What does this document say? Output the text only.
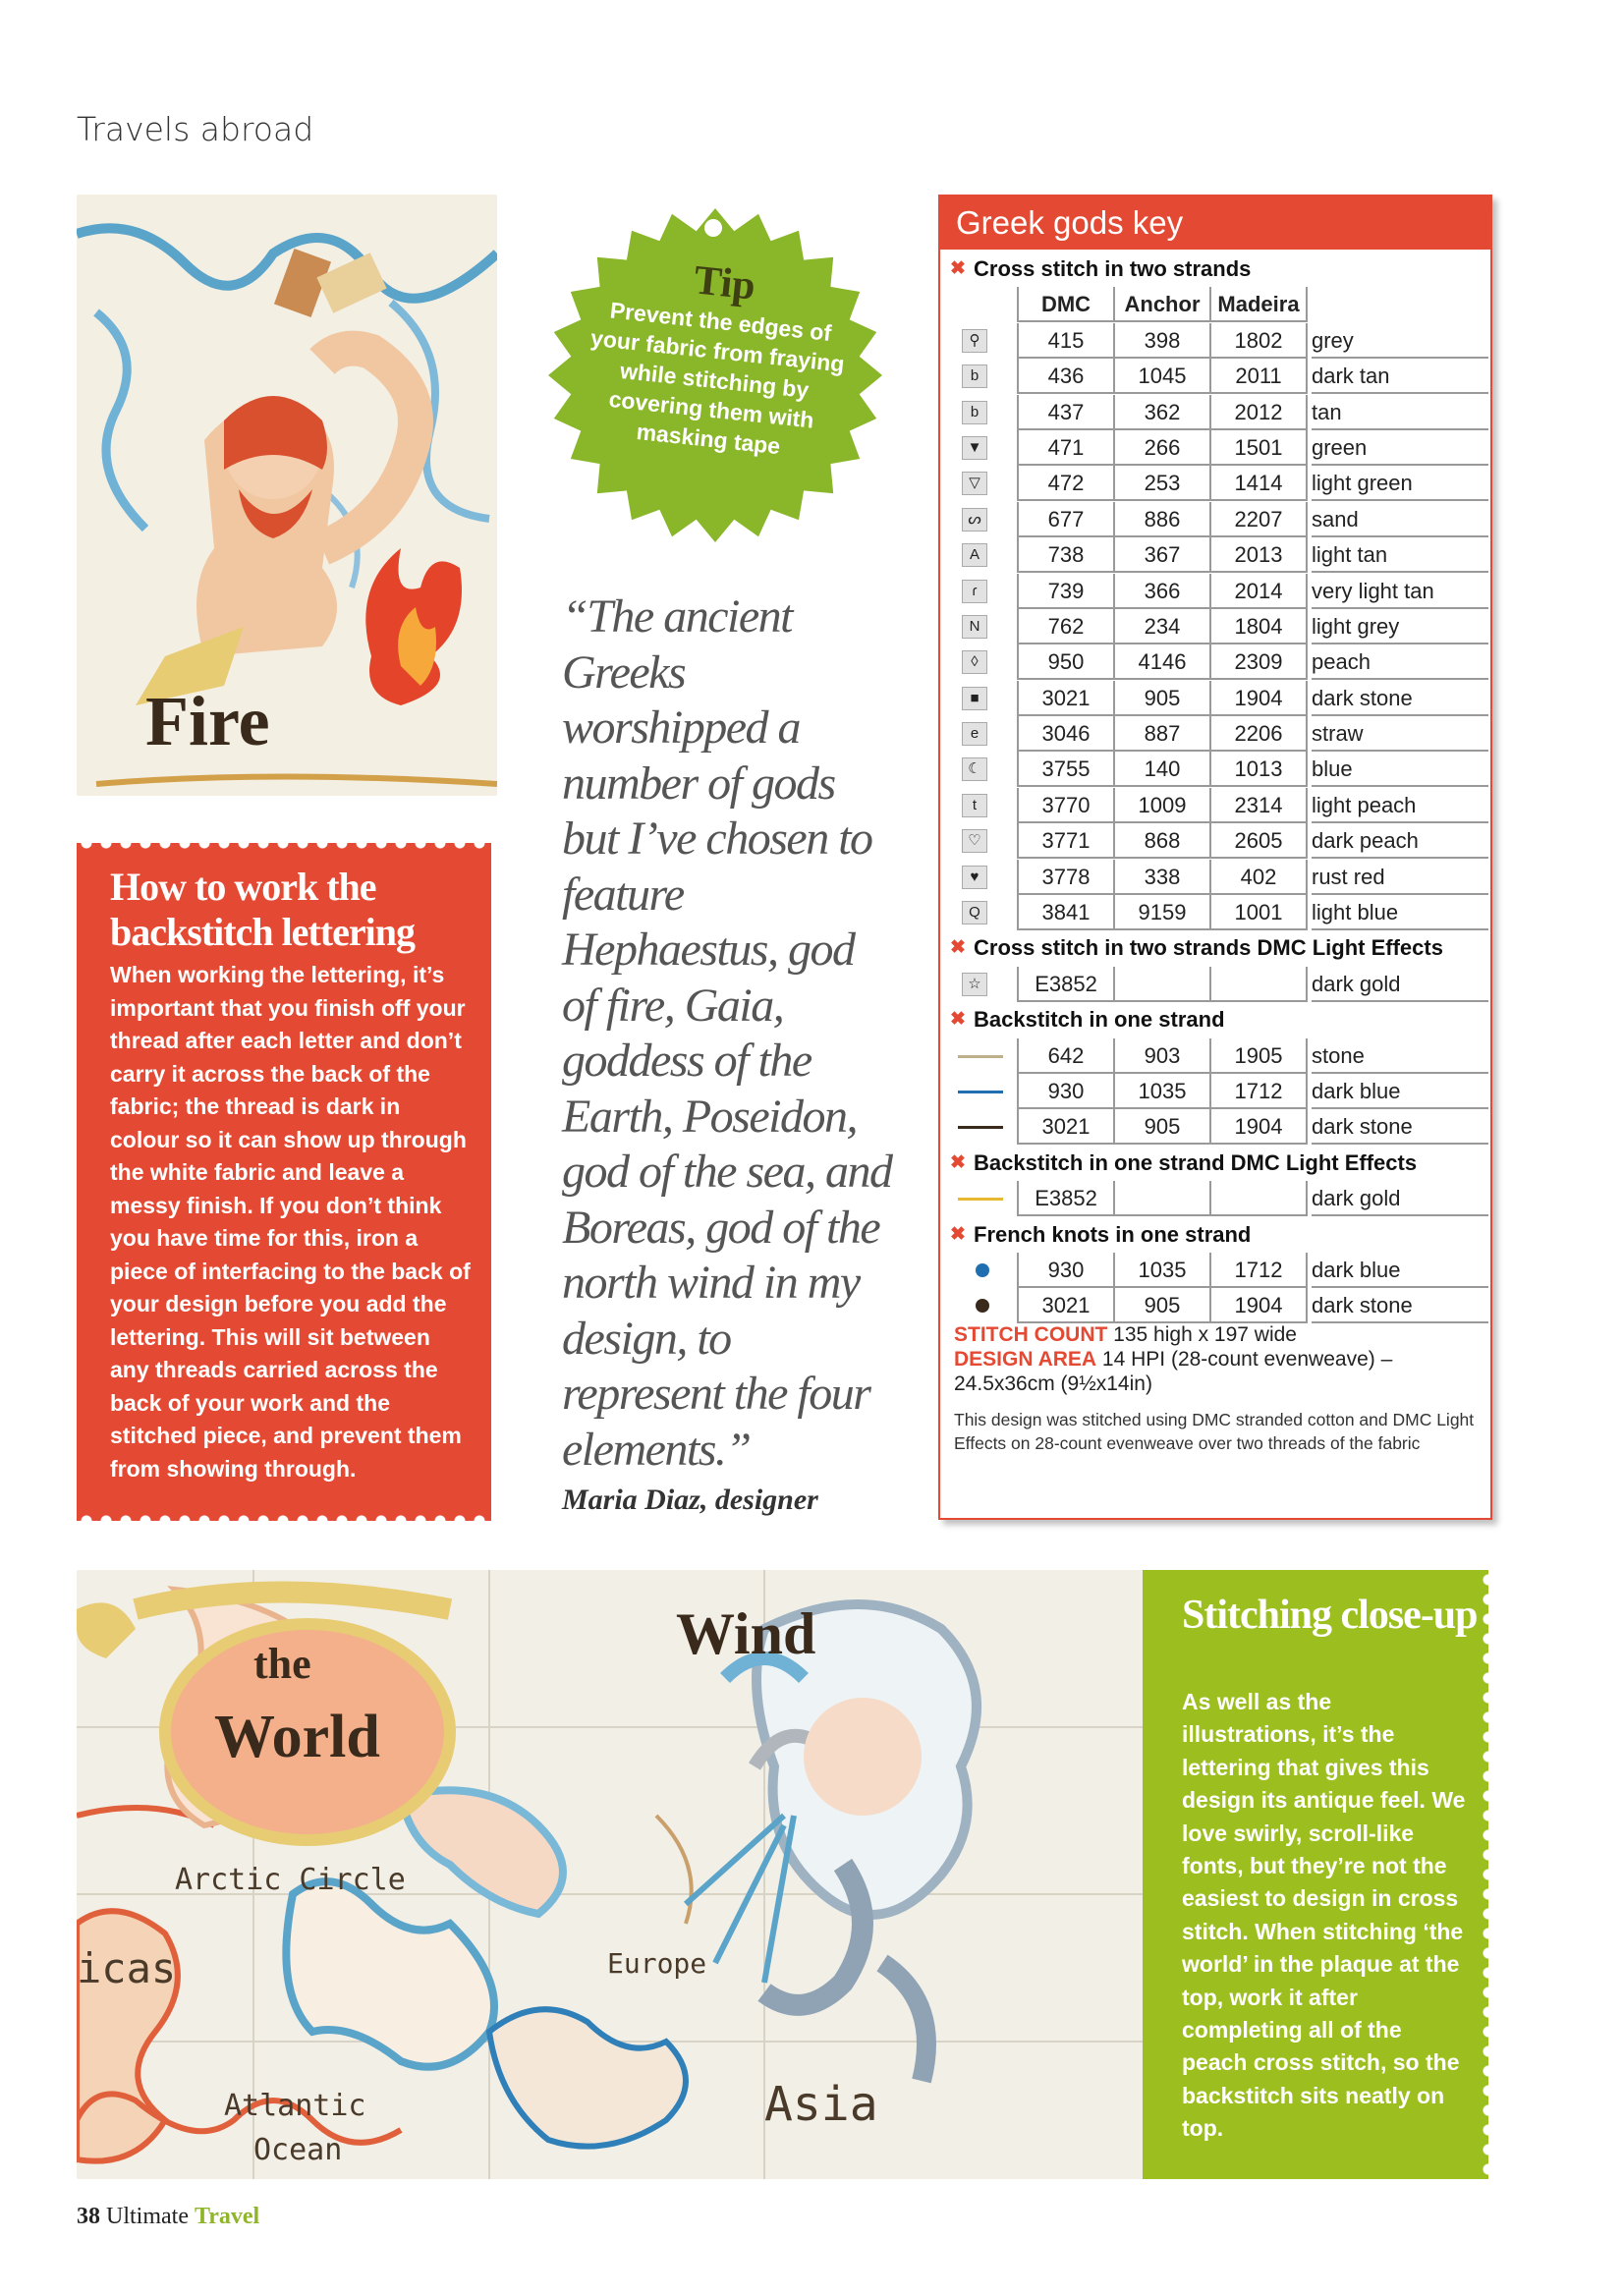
Travels abroad
Fire
How to work the backstitch lettering

When working the lettering, it’s important that you finish off your thread after each letter and don’t carry it across the back of the fabric; the thread is dark in colour so it can show up through the white fabric and leave a messy finish. If you don’t think you have time for this, iron a piece of interfacing to the back of your design before you add the lettering. This will sit between any threads carried across the back of your work and the stitched piece, and prevent them from showing through.

Tip
Prevent the edges of your fabric from fraying while stitching by covering them with masking tape
“The ancient Greeks worshipped a number of gods but I’ve chosen to feature Hephaestus, god of fire, Gaia, goddess of the Earth, Poseidon, god of the sea, and Boreas, god of the north wind in my design, to represent the four elements.”
Maria Diaz, designer
Greek gods key
✖ Cross stitch in two strands
DMC	Anchor Madeira
⚲	415	398	1802	grey
b	436	1045	2011	dark tan
b	437	362	2012	tan
▼	471	266	1501	green
▽	472	253	1414	light green
ᔕ	677	886	2207	sand
A	738	367	2013	light tan
ɾ	739	366	2014	very light tan
N	762	234	1804	light grey
◊	950	4146	2309	peach
■	3021	905	1904	dark stone
e	3046	887	2206	straw
☾	3755	140	1013	blue
t	3770	1009	2314	light peach
♡	3771	868	2605	dark peach
♥	3778	338	402	rust red
Q	3841	9159	1001	light blue
✖ Cross stitch in two strands DMC Light Effects
☆	E3852	dark gold
✖ Backstitch in one strand
642	903	1905	stone
930	1035	1712	dark blue
3021	905	1904	dark stone
✖ Backstitch in one strand DMC Light Effects
E3852	dark gold
✖ French knots in one strand
930	1035	1712	dark blue
3021	905	1904	dark stone
STITCH COUNT 135 high x 197 wide
DESIGN AREA 14 HPI (28-count evenweave) – 24.5x36cm (9½x14in)
This design was stitched using DMC stranded cotton and DMC Light Effects on 28-count evenweave over two threads of the fabric
the
World
Wind
Arctic Circle
icas	Europe
Atlantic
Ocean
Asia
Stitching close-up

As well as the illustrations, it’s the lettering that gives this design its antique feel. We love swirly, scroll-like fonts, but they’re not the easiest to design in cross stitch. When stitching ‘the world’ in the plaque at the top, work it after completing all of the peach cross stitch, so the backstitch sits neatly on top.

38 Ultimate Travel
